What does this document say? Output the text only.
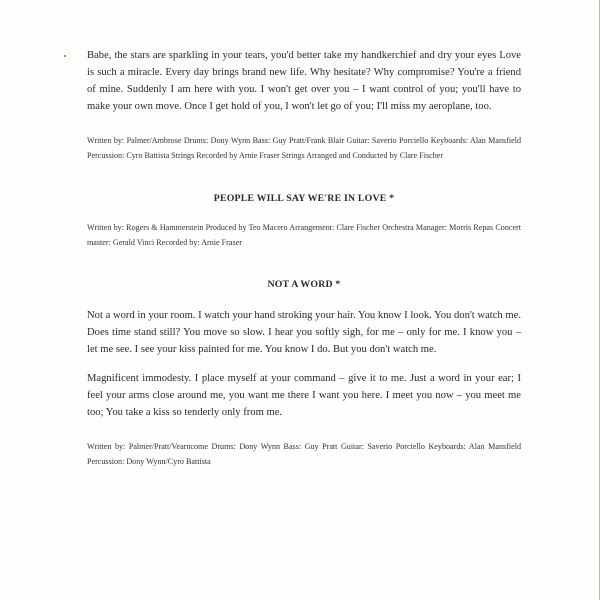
Babe, the stars are sparkling in your tears, you'd better take my handkerchief and dry your eyes Love is such a miracle. Every day brings brand new life. Why hesitate? Why compromise? You're a friend of mine. Suddenly I am here with you. I won't get over you – I want control of you; you'll have to make your own move. Once I get hold of you, I won't let go of you; I'll miss my aeroplane, too.

Written by: Palmer/Ambrose Drums: Dony Wynn Bass: Guy Pratt/Frank Blair Guitar: Saverio Porciello Keyboards: Alan Mansfield Percussion: Cyro Battista Strings Recorded by Arnie Fraser Strings Arranged and Conducted by Clare Fischer

PEOPLE WILL SAY WE'RE IN LOVE *

Written by: Rogers & Hammerstein Produced by Teo Macero Arrangement: Clare Fischer Orchestra Manager: Morris Repas Concert master: Gerald Vinci Recorded by: Arnie Fraser

NOT A WORD *

Not a word in your room. I watch your hand stroking your hair. You know I look. You don't watch me. Does time stand still? You move so slow. I hear you softly sigh, for me – only for me. I know you – let me see. I see your kiss painted for me. You know I do. But you don't watch me.

Magnificent immodesty. I place myself at your command – give it to me. Just a word in your ear; I feel your arms close around me, you want me there I want you here. I meet you now – you meet me too; You take a kiss so tenderly only from me.

Written by: Palmer/Pratt/Vearncome Drums: Dony Wynn Bass: Guy Pratt Guitar: Saverio Porciello Keyboards: Alan Mansfield Percussion: Dony Wynn/Cyro Battista
